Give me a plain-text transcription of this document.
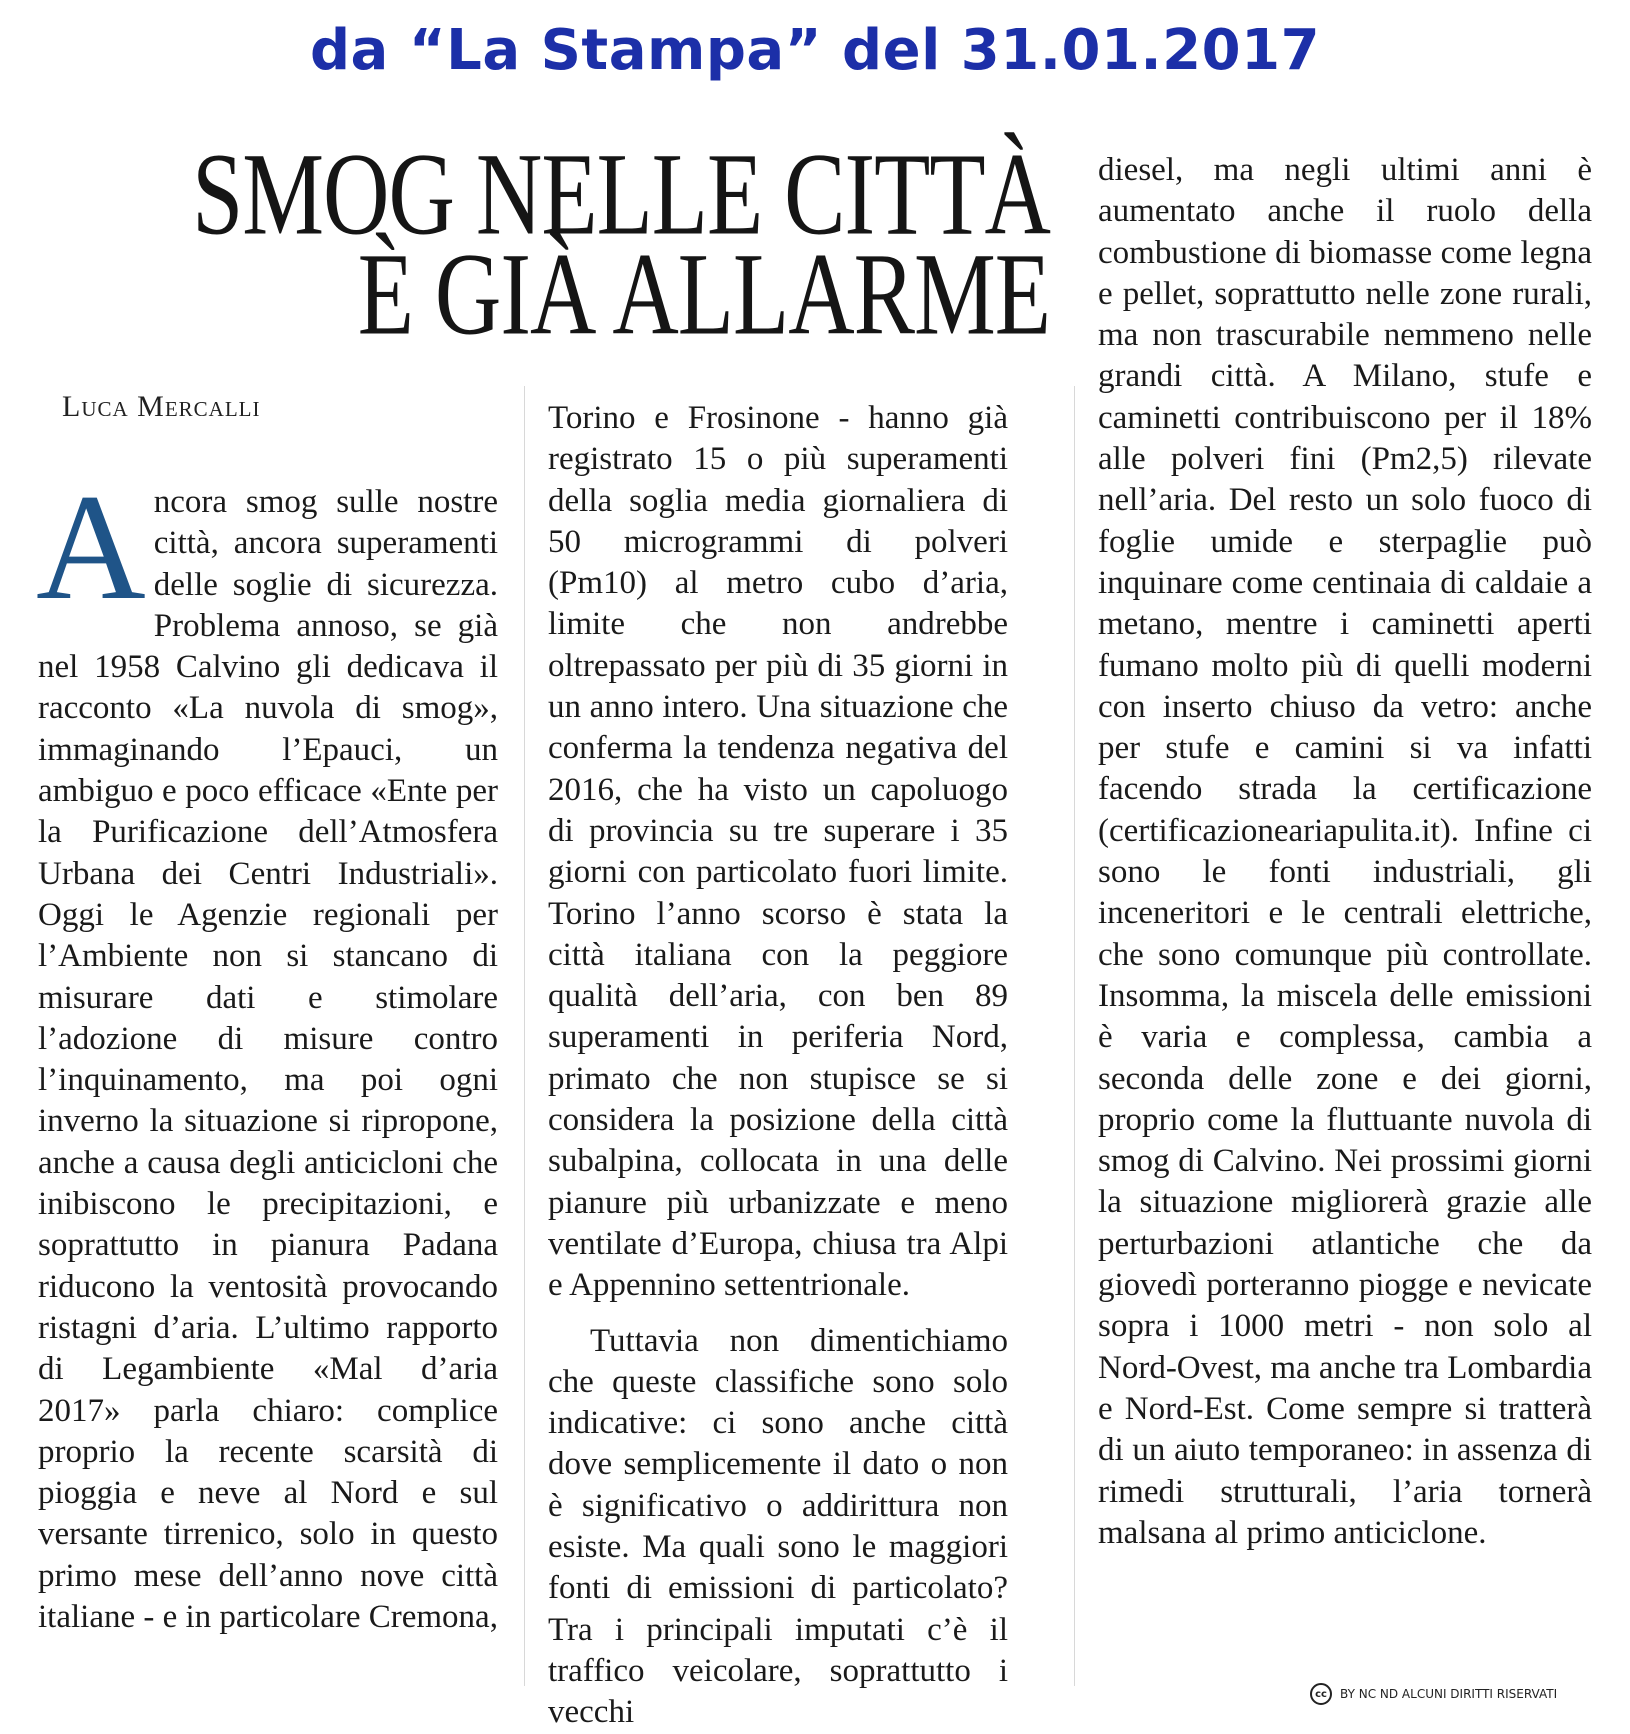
da “La Stampa” del 31.01.2017
SMOG NELLE CITTÀ
È GIÀ ALLARME
Luca Mercalli

Ancora smog sulle nostre città, ancora superamenti delle soglie di sicurezza. Problema annoso, se già nel 1958 Calvino gli dedicava il racconto «La nuvola di smog», immaginando l’Epauci, un ambiguo e poco efficace «Ente per la Purificazione dell’Atmosfera Urbana dei Centri Industriali». Oggi le Agenzie regionali per l’Ambiente non si stancano di misurare dati e stimolare l’adozione di misure contro l’inquinamento, ma poi ogni inverno la situazione si ripropone, anche a causa degli anticicloni che inibiscono le precipitazioni, e soprattutto in pianura Padana riducono la ventosità provocando ristagni d’aria. L’ultimo rapporto di Legambiente «Mal d’aria 2017» parla chiaro: complice proprio la recente scarsità di pioggia e neve al Nord e sul versante tirrenico, solo in questo primo mese dell’anno nove città italiane - e in particolare Cremona,

Torino e Frosinone - hanno già registrato 15 o più superamenti della soglia media giornaliera di 50 microgrammi di polveri (Pm10) al metro cubo d’aria, limite che non andrebbe oltrepassato per più di 35 giorni in un anno intero. Una situazione che conferma la tendenza negativa del 2016, che ha visto un capoluogo di provincia su tre superare i 35 giorni con particolato fuori limite. Torino l’anno scorso è stata la città italiana con la peggiore qualità dell’aria, con ben 89 superamenti in periferia Nord, primato che non stupisce se si considera la posizione della città subalpina, collocata in una delle pianure più urbanizzate e meno ventilate d’Europa, chiusa tra Alpi e Appennino settentrionale.

Tuttavia non dimentichiamo che queste classifiche sono solo indicative: ci sono anche città dove semplicemente il dato o non è significativo o addirittura non esiste. Ma quali sono le maggiori fonti di emissioni di particolato? Tra i principali imputati c’è il traffico veicolare, soprattutto i vecchi

diesel, ma negli ultimi anni è aumentato anche il ruolo della combustione di biomasse come legna e pellet, soprattutto nelle zone rurali, ma non trascurabile nemmeno nelle grandi città. A Milano, stufe e caminetti contribuiscono per il 18% alle polveri fini (Pm2,5) rilevate nell’aria. Del resto un solo fuoco di foglie umide e sterpaglie può inquinare come centinaia di caldaie a metano, mentre i caminetti aperti fumano molto più di quelli moderni con inserto chiuso da vetro: anche per stufe e camini si va infatti facendo strada la certificazione (certificazioneariapulita.it). Infine ci sono le fonti industriali, gli inceneritori e le centrali elettriche, che sono comunque più controllate. Insomma, la miscela delle emissioni è varia e complessa, cambia a seconda delle zone e dei giorni, proprio come la fluttuante nuvola di smog di Calvino. Nei prossimi giorni la situazione migliorerà grazie alle perturbazioni atlantiche che da giovedì porteranno piogge e nevicate sopra i 1000 metri - non solo al Nord-Ovest, ma anche tra Lombardia e Nord-Est. Come sempre si tratterà di un aiuto temporaneo: in assenza di rimedi strutturali, l’aria tornerà malsana al primo anticiclone.

cc	BY NC ND ALCUNI DIRITTI RISERVATI
